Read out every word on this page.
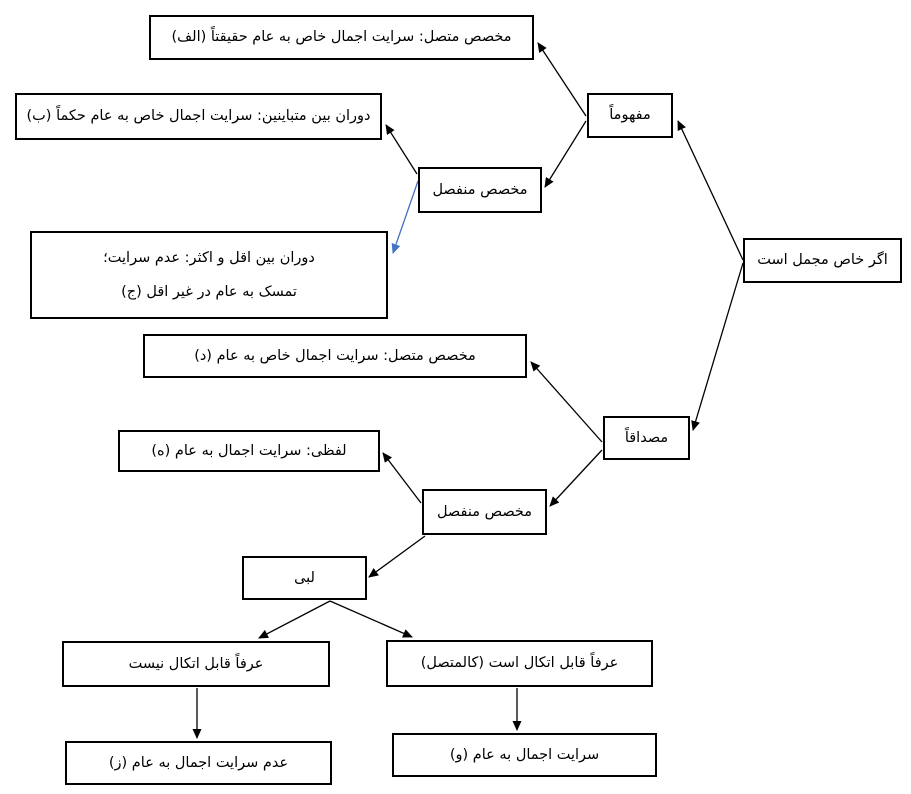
مخصص متصل: سرایت اجمال خاص به عام حقیقتاً (الف)
دوران بین متباینین: سرایت اجمال خاص به عام حکماً (ب)
مخصص منفصل
دوران بین اقل و اکثر: عدم سرایت؛
تمسک به عام در غیر اقل (ج)
مفهوماً
اگر خاص مجمل است
مخصص متصل: سرایت اجمال خاص به عام (د)
مصداقاً
لفظی: سرایت اجمال به عام (ه)
مخصص منفصل
لبی
عرفاً قابل اتکال نیست	عرفاً قابل اتکال است (کالمتصل)
عدم سرایت اجمال به عام (ز)	سرایت اجمال به عام (و)
